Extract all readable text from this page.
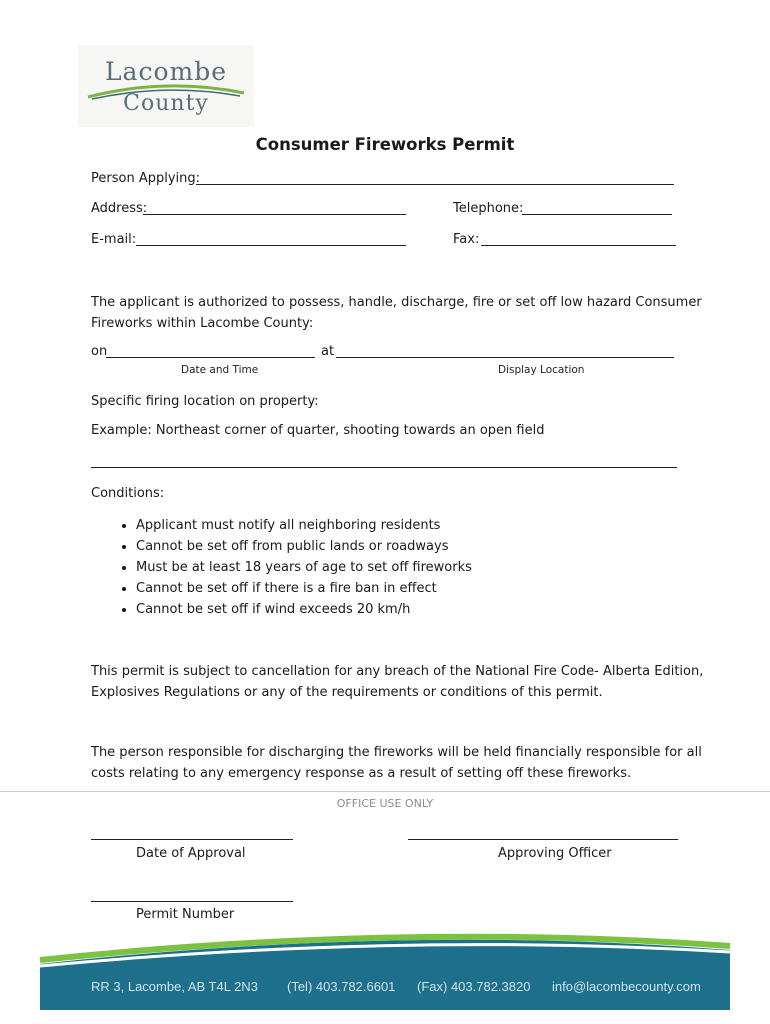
Lacombe
County
Consumer Fireworks Permit
Person Applying:
Address:	Telephone:
E-mail:	Fax:
The applicant is authorized to possess, handle, discharge, fire or set off low hazard Consumer
Fireworks within Lacombe County:
on	at
Date and Time	Display Location
Specific firing location on property:
Example: Northeast corner of quarter, shooting towards an open field
Conditions:
• Applicant must notify all neighboring residents
• Cannot be set off from public lands or roadways
• Must be at least 18 years of age to set off fireworks
• Cannot be set off if there is a fire ban in effect
• Cannot be set off if wind exceeds 20 km/h
This permit is subject to cancellation for any breach of the National Fire Code- Alberta Edition,
Explosives Regulations or any of the requirements or conditions of this permit.
The person responsible for discharging the fireworks will be held financially responsible for all
costs relating to any emergency response as a result of setting off these fireworks.
OFFICE USE ONLY
Date of Approval	Approving Officer
Permit Number
RR 3, Lacombe, AB T4L 2N3 (Tel) 403.782.6601 (Fax) 403.782.3820 info@lacombecounty.com
